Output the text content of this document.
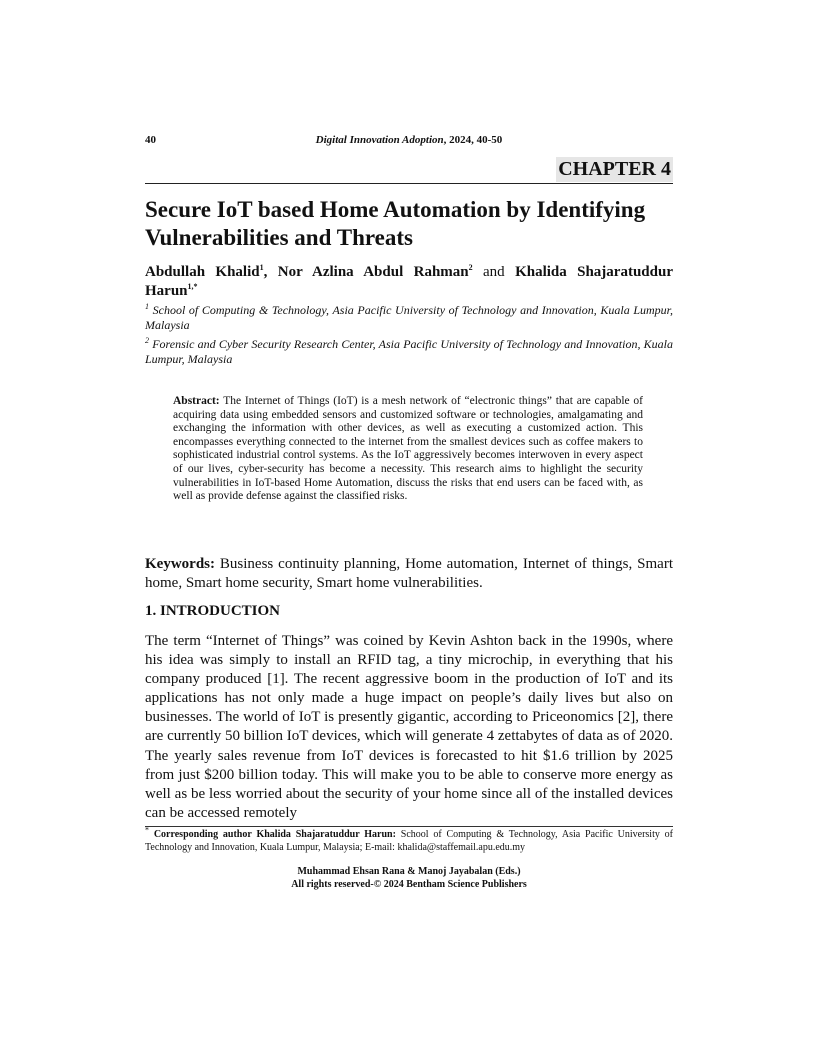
40	Digital Innovation Adoption, 2024, 40-50
CHAPTER 4
Secure IoT based Home Automation by Identifying Vulnerabilities and Threats

Abdullah Khalid$^1$, Nor Azlina Abdul Rahman$^2$ and Khalida Shajaratuddur Harun$^{1,*}$

$^1$ School of Computing & Technology, Asia Pacific University of Technology and Innovation, Kuala Lumpur, Malaysia

$^2$ Forensic and Cyber Security Research Center, Asia Pacific University of Technology and Innovation, Kuala Lumpur, Malaysia

Abstract: The Internet of Things (IoT) is a mesh network of “electronic things” that are capable of acquiring data using embedded sensors and customized software or technologies, amalgamating and exchanging the information with other devices, as well as executing a customized action. This encompasses everything connected to the internet from the smallest devices such as coffee makers to sophisticated industrial control systems. As the IoT aggressively becomes interwoven in every aspect of our lives, cyber-security has become a necessity. This research aims to highlight the security vulnerabilities in IoT-based Home Automation, discuss the risks that end users can be faced with, as well as provide defense against the classified risks.

Keywords: Business continuity planning, Home automation, Internet of things, Smart home, Smart home security, Smart home vulnerabilities.

1. INTRODUCTION

The term “Internet of Things” was coined by Kevin Ashton back in the 1990s, where his idea was simply to install an RFID tag, a tiny microchip, in everything that his company produced [1]. The recent aggressive boom in the production of IoT and its applications has not only made a huge impact on people’s daily lives but also on businesses. The world of IoT is presently gigantic, according to Priceonomics [2], there are currently 50 billion IoT devices, which will generate 4 zettabytes of data as of 2020. The yearly sales revenue from IoT devices is forecasted to hit $1.6 trillion by 2025 from just $200 billion today. This will make you to be able to conserve more energy as well as be less worried about the security of your home since all of the installed devices can be accessed remotely

* Corresponding author Khalida Shajaratuddur Harun: School of Computing & Technology, Asia Pacific University of Technology and Innovation, Kuala Lumpur, Malaysia; E-mail: khalida@staffemail.apu.edu.my

Muhammad Ehsan Rana & Manoj Jayabalan (Eds.)
All rights reserved-© 2024 Bentham Science Publishers
